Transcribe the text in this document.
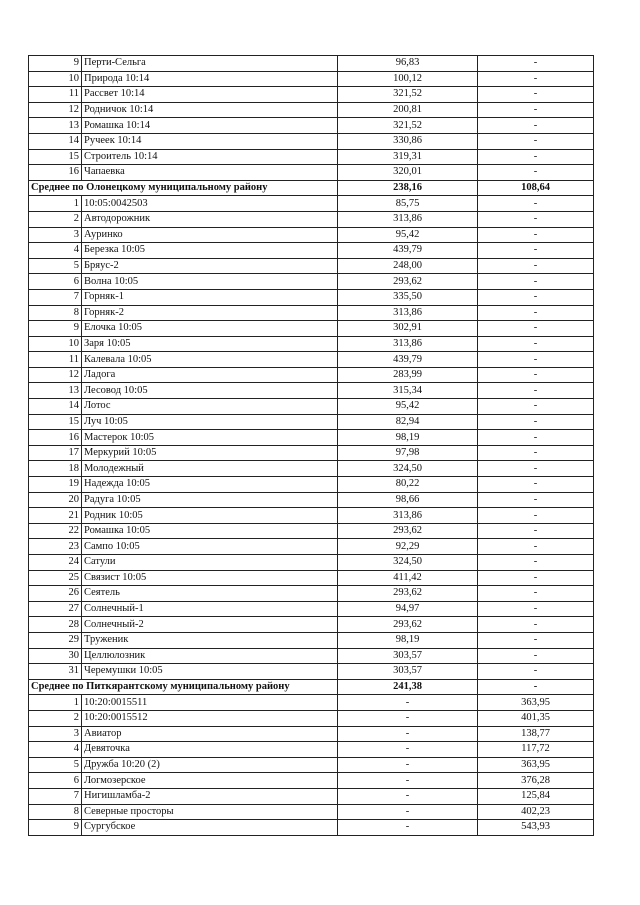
9	Перти-Сельга	96,83	-
10	Природа 10:14	100,12	-
11	Рассвет 10:14	321,52	-
12	Родничок 10:14	200,81	-
13	Ромашка 10:14	321,52	-
14	Ручеек 10:14	330,86	-
15	Строитель 10:14	319,31	-
16	Чапаевка	320,01	-
Среднее по Олонецкому муниципальному району		238,16	108,64
1	10:05:0042503	85,75	-
2	Автодорожник	313,86	-
3	Ауринко	95,42	-
4	Березка 10:05	439,79	-
5	Бряус-2	248,00	-
6	Волна 10:05	293,62	-
7	Горняк-1	335,50	-
8	Горняк-2	313,86	-
9	Елочка 10:05	302,91	-
10	Заря 10:05	313,86	-
11	Калевала 10:05	439,79	-
12	Ладога	283,99	-
13	Лесовод 10:05	315,34	-
14	Лотос	95,42	-
15	Луч 10:05	82,94	-
16	Мастерок 10:05	98,19	-
17	Меркурий 10:05	97,98	-
18	Молодежный	324,50	-
19	Надежда 10:05	80,22	-
20	Радуга 10:05	98,66	-
21	Родник 10:05	313,86	-
22	Ромашка 10:05	293,62	-
23	Сампо 10:05	92,29	-
24	Сатули	324,50	-
25	Связист 10:05	411,42	-
26	Сеятель	293,62	-
27	Солнечный-1	94,97	-
28	Солнечный-2	293,62	-
29	Труженик	98,19	-
30	Целлюлозник	303,57	-
31	Черемушки 10:05	303,57	-
Среднее по Питкярантскому муниципальному району		241,38	-
1	10:20:0015511	-	363,95
2	10:20:0015512	-	401,35
3	Авиатор	-	138,77
4	Девяточка	-	117,72
5	Дружба 10:20 (2)	-	363,95
6	Логмозерское	-	376,28
7	Нигишламба-2	-	125,84
8	Северные просторы	-	402,23
9	Сургубское	-	543,93
